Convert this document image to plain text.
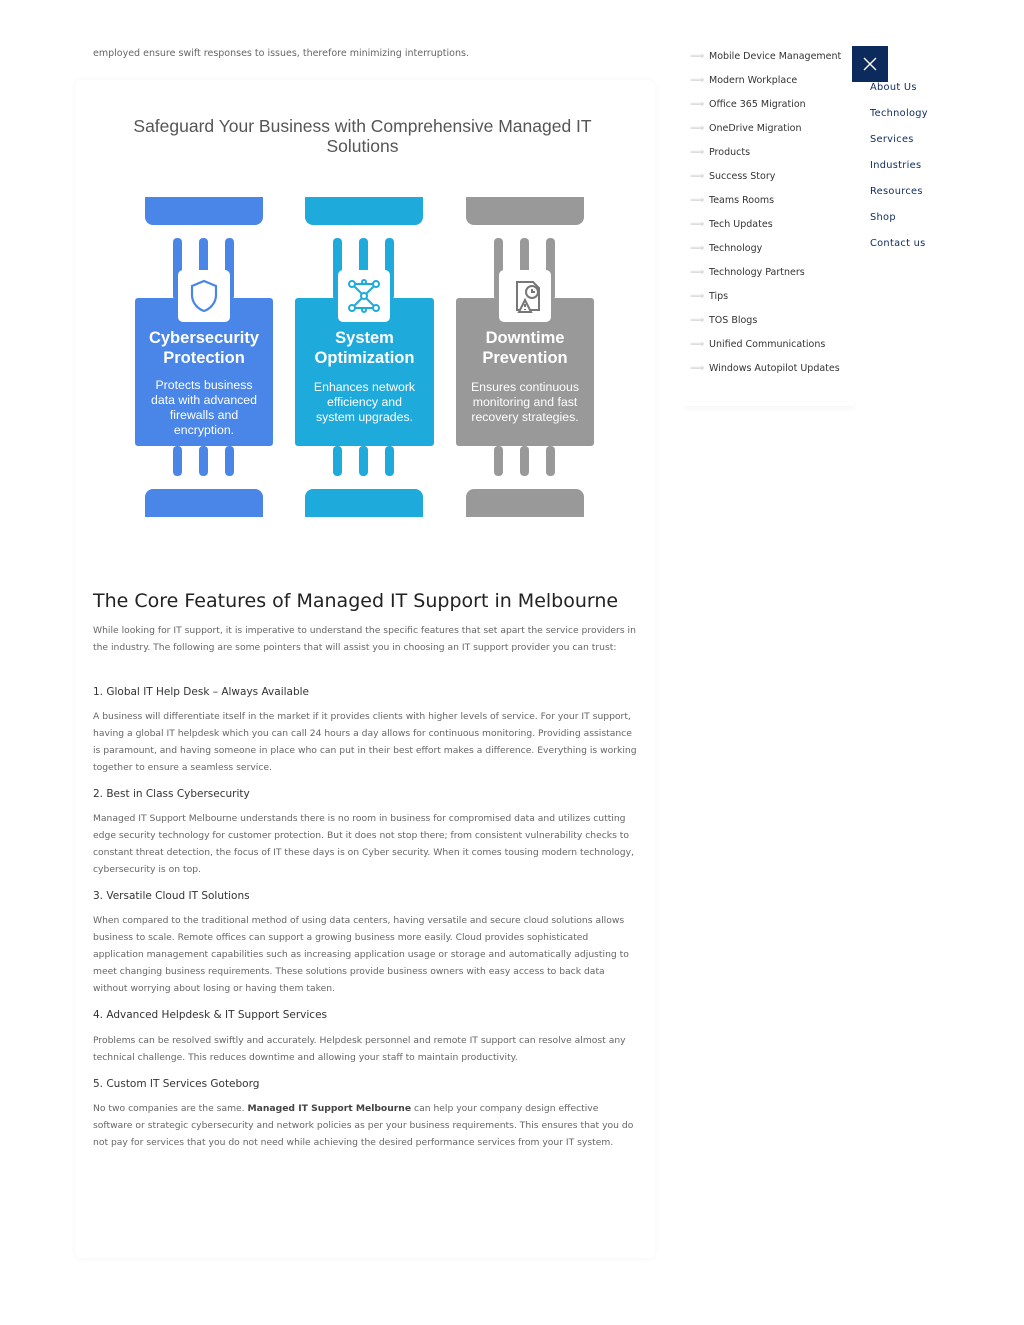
employed ensure swift responses to issues, therefore minimizing interruptions.
Safeguard Your Business with Comprehensive Managed IT Solutions
Cybersecurity
Protection
Protects business data with advanced firewalls and encryption.
System
Optimization
Enhances network efficiency and system upgrades.
Downtime
Prevention
Ensures continuous monitoring and fast recovery strategies.
The Core Features of Managed IT Support in Melbourne
While looking for IT support, it is imperative to understand the specific features that set apart the service providers in the industry. The following are some pointers that will assist you in choosing an IT support provider you can trust:
1. Global IT Help Desk – Always Available
A business will differentiate itself in the market if it provides clients with higher levels of service. For your IT support, having a global IT helpdesk which you can call 24 hours a day allows for continuous monitoring. Providing assistance is paramount, and having someone in place who can put in their best effort makes a difference. Everything is working together to ensure a seamless service.
2. Best in Class Cybersecurity
Managed IT Support Melbourne understands there is no room in business for compromised data and utilizes cutting edge security technology for customer protection. But it does not stop there; from consistent vulnerability checks to constant threat detection, the focus of IT these days is on Cyber security. When it comes tousing modern technology, cybersecurity is on top.
3. Versatile Cloud IT Solutions
When compared to the traditional method of using data centers, having versatile and secure cloud solutions allows business to scale. Remote offices can support a growing business more easily. Cloud provides sophisticated application management capabilities such as increasing application usage or storage and automatically adjusting to meet changing business requirements. These solutions provide business owners with easy access to back data without worrying about losing or having them taken.
4. Advanced Helpdesk & IT Support Services
Problems can be resolved swiftly and accurately. Helpdesk personnel and remote IT support can resolve almost any technical challenge. This reduces downtime and allowing your staff to maintain productivity.
5. Custom IT Services Goteborg
No two companies are the same. Managed IT Support Melbourne can help your company design effective software or strategic cybersecurity and network policies as per your business requirements. This ensures that you do not pay for services that you do not need while achieving the desired performance services from your IT system.
⟹ Mobile Device Management
⟹ Modern Workplace
⟹ Office 365 Migration
⟹ OneDrive Migration
⟹ Products
⟹ Success Story
⟹ Teams Rooms
⟹ Tech Updates
⟹ Technology
⟹ Technology Partners
⟹ Tips
⟹ TOS Blogs
⟹ Unified Communications
⟹ Windows Autopilot Updates
About Us
Technology
Services
Industries
Resources
Shop
Contact us
